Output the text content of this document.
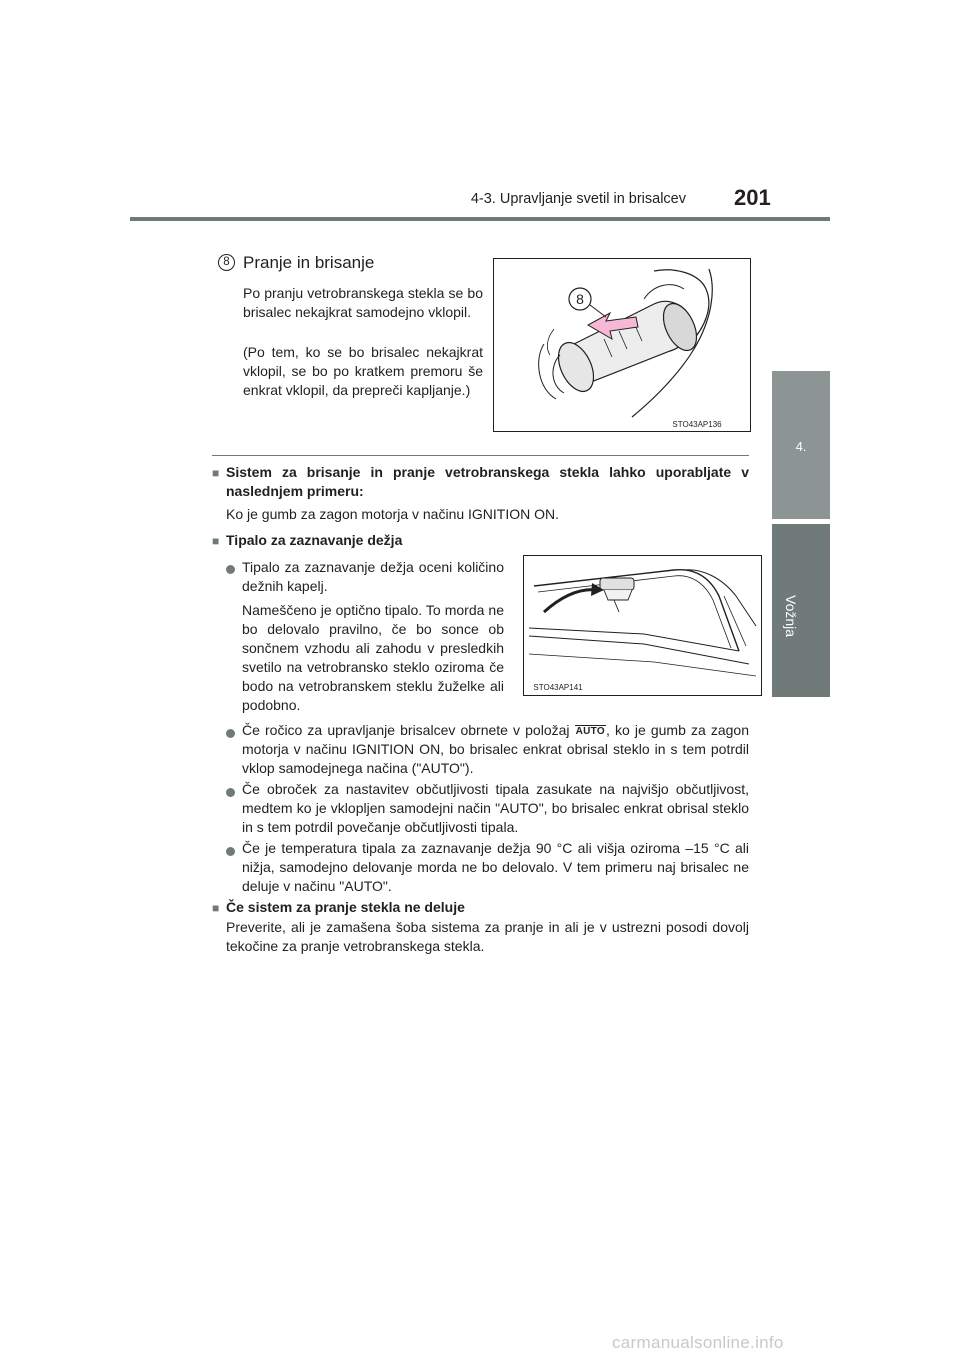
4-3. Upravljanje svetil in brisalcev 201
4.
Vožnja
8 Pranje in brisanje
Po pranju vetrobranskega stekla se bo brisalec nekajkrat samodejno vklopil.
(Po tem, ko se bo brisalec nekajkrat vklopil, se bo po kratkem premoru še enkrat vklopil, da prepreči kapljanje.)
8
STO43AP136
■ Sistem za brisanje in pranje vetrobranskega stekla lahko uporabljate v naslednjem primeru:
Ko je gumb za zagon motorja v načinu IGNITION ON.
■ Tipalo za zaznavanje dežja
Tipalo za zaznavanje dežja oceni količino dežnih kapelj.
Nameščeno je optično tipalo. To morda ne bo delovalo pravilno, če bo sonce ob sončnem vzhodu ali zahodu v presledkih svetilo na vetrobransko steklo oziroma če bodo na vetrobranskem steklu žuželke ali podobno.
STO43AP141
Če ročico za upravljanje brisalcev obrnete v položaj AUTO, ko je gumb za zagon motorja v načinu IGNITION ON, bo brisalec enkrat obrisal steklo in s tem potrdil vklop samodejnega načina ("AUTO").
Če obroček za nastavitev občutljivosti tipala zasukate na najvišjo občutljivost, medtem ko je vklopljen samodejni način "AUTO", bo brisalec enkrat obrisal steklo in s tem potrdil povečanje občutljivosti tipala.
Če je temperatura tipala za zaznavanje dežja 90 °C ali višja oziroma –15 °C ali nižja, samodejno delovanje morda ne bo delovalo. V tem primeru naj brisalec ne deluje v načinu "AUTO".
■ Če sistem za pranje stekla ne deluje
Preverite, ali je zamašena šoba sistema za pranje in ali je v ustrezni posodi dovolj tekočine za pranje vetrobranskega stekla.
carmanualsonline.info
